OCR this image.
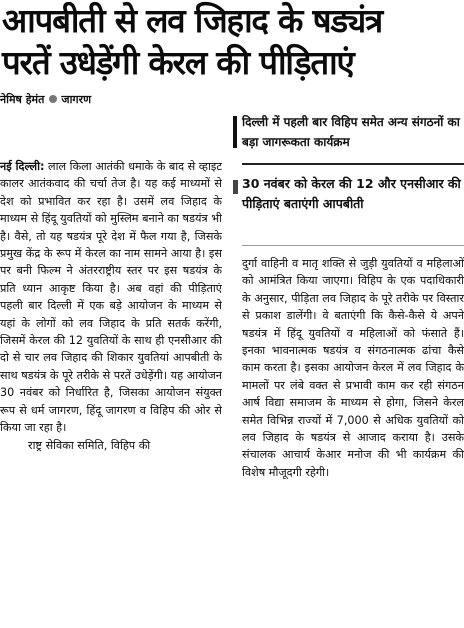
आपबीती से लव जिहाद के षड्यंत्र
परतें उधेड़ेंगी केरल की पीड़िताएं
नेमिष हेमंत जागरण
दिल्ली में पहली बार विहिप समेत अन्य संगठनों का बड़ा जागरूकता कार्यक्रम
30 नवंबर को केरल की 12 और एनसीआर की पीड़िताएं बताएंगी आपबीती

नई दिल्ली: लाल किला आतंकी धमाके के बाद से व्हाइट कालर आतंकवाद की चर्चा तेज है। यह कई माध्यमों से देश को प्रभावित कर रहा है। उसमें लव जिहाद के माध्यम से हिंदू युवतियों को मुस्लिम बनाने का षडयंत्र भी है। वैसे, तो यह षडयंत्र पूरे देश में फैल गया है, जिसके प्रमुख केंद्र के रूप में केरल का नाम सामने आया है। इस पर बनी फिल्म ने अंतरराष्ट्रीय स्तर पर इस षडयंत्र के प्रति ध्यान आकृष्ट किया है। अब वहां की पीड़िताएं पहली बार दिल्ली में एक बड़े आयोजन के माध्यम से यहां के लोगों को लव जिहाद के प्रति सतर्क करेंगी, जिसमें केरल की 12 युवतियों के साथ ही एनसीआर की दो से चार लव जिहाद की शिकार युवतियां आपबीती के साथ षडयंत्र के पूरे तरीके से परतें उधेड़ेंगी। यह आयोजन 30 नवंबर को निर्धारित है, जिसका आयोजन संयुक्त रूप से धर्म जागरण, हिंदू जागरण व विहिप की ओर से किया जा रहा है।

राष्ट्र सेविका समिति, विहिप की

दुर्गा वाहिनी व मातृ शक्ति से जुड़ी युवतियों व महिलाओं को आमंत्रित किया जाएगा। विहिप के एक पदाधिकारी के अनुसार, पीड़िता लव जिहाद के पूरे तरीके पर विस्तार से प्रकाश डालेंगी। वे बताएंगी कि कैसे-कैसे ये अपने षडयंत्र में हिंदू युवतियों व महिलाओं को फंसाते हैं। इनका भावनात्मक षडयंत्र व संगठनात्मक ढांचा कैसे काम करता है। इसका आयोजन केरल में लव जिहाद के मामलों पर लंबे वक्त से प्रभावी काम कर रही संगठन आर्ष विद्या समाजम के माध्यम से होगा, जिसने केरल समेत विभिन्न राज्यों में 7,000 से अधिक युवतियों को लव जिहाद के षडयंत्र से आजाद कराया है। उसके संचालक आचार्य केआर मनोज की भी कार्यक्रम की विशेष मौजूदगी रहेगी।
